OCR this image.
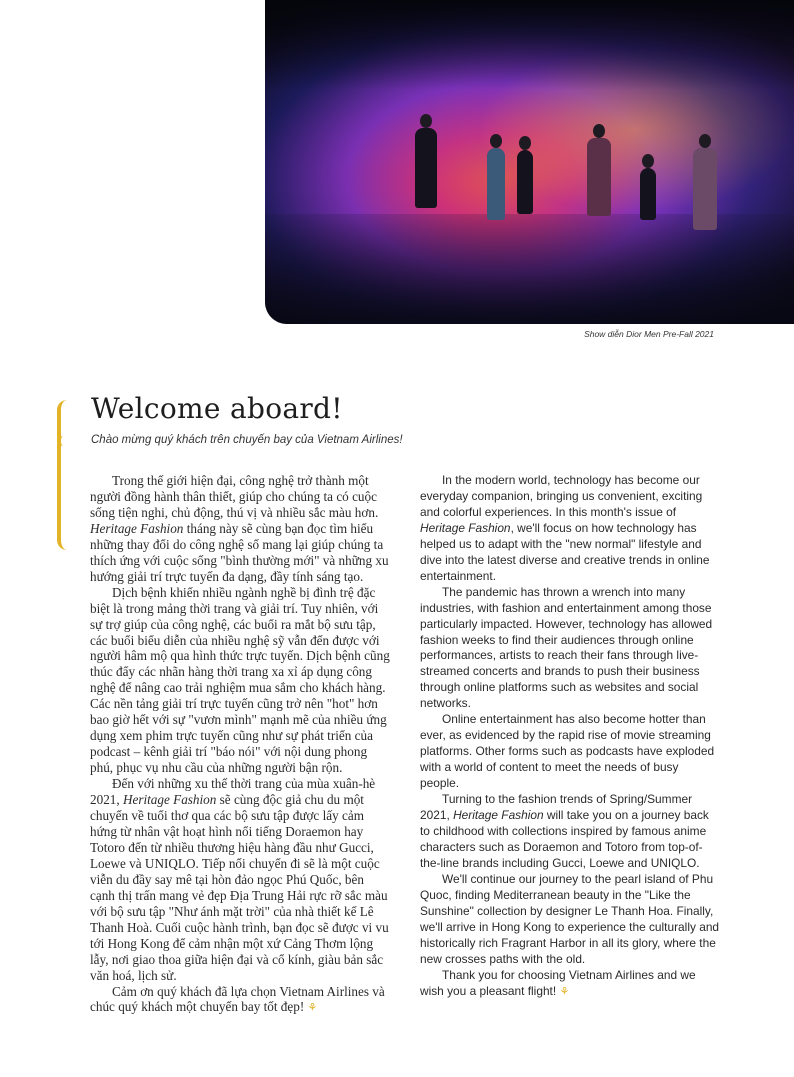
Show diễn Dior Men Pre-Fall 2021
Welcome aboard!
Chào mừng quý khách trên chuyến bay của Vietnam Airlines!

Trong thế giới hiện đại, công nghệ trở thành một người đồng hành thân thiết, giúp cho chúng ta có cuộc sống tiện nghi, chủ động, thú vị và nhiều sắc màu hơn. Heritage Fashion tháng này sẽ cùng bạn đọc tìm hiểu những thay đổi do công nghệ số mang lại giúp chúng ta thích ứng với cuộc sống "bình thường mới" và những xu hướng giải trí trực tuyến đa dạng, đầy tính sáng tạo.

Dịch bệnh khiến nhiều ngành nghề bị đình trệ đặc biệt là trong mảng thời trang và giải trí. Tuy nhiên, với sự trợ giúp của công nghệ, các buổi ra mắt bộ sưu tập, các buổi biểu diễn của nhiều nghệ sỹ vẫn đến được với người hâm mộ qua hình thức trực tuyến. Dịch bệnh cũng thúc đẩy các nhãn hàng thời trang xa xỉ áp dụng công nghệ để nâng cao trải nghiệm mua sắm cho khách hàng. Các nền tảng giải trí trực tuyến cũng trở nên "hot" hơn bao giờ hết với sự "vươn mình" mạnh mẽ của nhiều ứng dụng xem phim trực tuyến cũng như sự phát triển của podcast – kênh giải trí "báo nói" với nội dung phong phú, phục vụ nhu cầu của những người bận rộn.

Đến với những xu thế thời trang của mùa xuân-hè 2021, Heritage Fashion sẽ cùng độc giả chu du một chuyến về tuổi thơ qua các bộ sưu tập được lấy cảm hứng từ nhân vật hoạt hình nổi tiếng Doraemon hay Totoro đến từ nhiều thương hiệu hàng đầu như Gucci, Loewe và UNIQLO. Tiếp nối chuyến đi sẽ là một cuộc viễn du đầy say mê tại hòn đảo ngọc Phú Quốc, bên cạnh thị trấn mang vẻ đẹp Địa Trung Hải rực rỡ sắc màu với bộ sưu tập "Như ánh mặt trời" của nhà thiết kế Lê Thanh Hoà. Cuối cuộc hành trình, bạn đọc sẽ được vi vu tới Hong Kong để cảm nhận một xứ Cảng Thơm lộng lẫy, nơi giao thoa giữa hiện đại và cổ kính, giàu bản sắc văn hoá, lịch sử.

Cảm ơn quý khách đã lựa chọn Vietnam Airlines và chúc quý khách một chuyến bay tốt đẹp! ⚘

In the modern world, technology has become our everyday companion, bringing us convenient, exciting and colorful experiences. In this month's issue of Heritage Fashion, we'll focus on how technology has helped us to adapt with the "new normal" lifestyle and dive into the latest diverse and creative trends in online entertainment.

The pandemic has thrown a wrench into many industries, with fashion and entertainment among those particularly impacted. However, technology has allowed fashion weeks to find their audiences through online performances, artists to reach their fans through live-streamed concerts and brands to push their business through online platforms such as websites and social networks.

Online entertainment has also become hotter than ever, as evidenced by the rapid rise of movie streaming platforms. Other forms such as podcasts have exploded with a world of content to meet the needs of busy people.

Turning to the fashion trends of Spring/Summer 2021, Heritage Fashion will take you on a journey back to childhood with collections inspired by famous anime characters such as Doraemon and Totoro from top-of-the-line brands including Gucci, Loewe and UNIQLO.

We'll continue our journey to the pearl island of Phu Quoc, finding Mediterranean beauty in the "Like the Sunshine" collection by designer Le Thanh Hoa. Finally, we'll arrive in Hong Kong to experience the culturally and historically rich Fragrant Harbor in all its glory, where the new crosses paths with the old.

Thank you for choosing Vietnam Airlines and we wish you a pleasant flight! ⚘
